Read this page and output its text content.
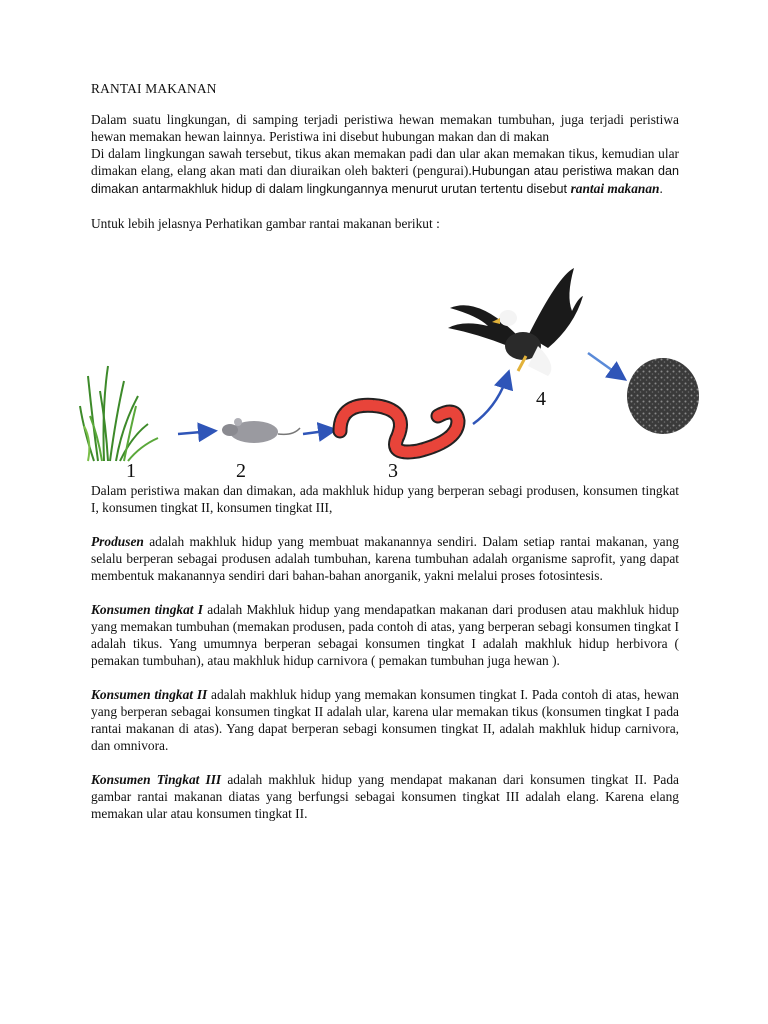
RANTAI MAKANAN

Dalam suatu lingkungan, di samping terjadi peristiwa hewan memakan tumbuhan, juga terjadi peristiwa hewan memakan hewan lainnya. Peristiwa ini disebut hubungan makan dan di makan

Di dalam lingkungan sawah tersebut, tikus akan memakan padi dan ular akan memakan tikus, kemudian ular dimakan elang, elang akan mati dan diuraikan oleh bakteri (pengurai).Hubungan atau peristiwa makan dan dimakan antarmakhluk hidup di dalam lingkungannya menurut urutan tertentu disebut rantai makanan.

Untuk lebih jelasnya Perhatikan gambar rantai makanan berikut :

Dalam peristiwa makan dan dimakan, ada makhluk hidup yang berperan sebagi produsen, konsumen tingkat I, konsumen tingkat II, konsumen tingkat III,

Produsen adalah makhluk hidup yang membuat makanannya sendiri. Dalam setiap rantai makanan, yang selalu berperan sebagai produsen adalah tumbuhan, karena tumbuhan adalah organisme saprofit, yang dapat membentuk makanannya sendiri dari bahan-bahan anorganik, yakni melalui proses fotosintesis.

Konsumen tingkat I adalah Makhluk hidup yang mendapatkan makanan dari produsen atau makhluk hidup yang memakan tumbuhan (memakan produsen, pada contoh di atas, yang berperan sebagi konsumen tingkat I adalah tikus. Yang umumnya berperan sebagai konsumen tingkat I adalah makhluk hidup herbivora ( pemakan tumbuhan), atau makhluk hidup carnivora ( pemakan tumbuhan juga hewan ).

Konsumen tingkat II adalah makhluk hidup yang memakan konsumen tingkat I. Pada contoh di atas, hewan yang berperan sebagai konsumen tingkat II adalah ular, karena ular memakan tikus (konsumen tingkat I pada rantai makanan di atas). Yang dapat berperan sebagi konsumen tingkat II, adalah makhluk hidup carnivora, dan omnivora.

Konsumen Tingkat III adalah makhluk hidup yang mendapat makanan dari konsumen tingkat II. Pada gambar rantai makanan diatas yang berfungsi sebagai konsumen tingkat III adalah elang. Karena elang memakan ular atau konsumen tingkat II.

1	2	3
4
